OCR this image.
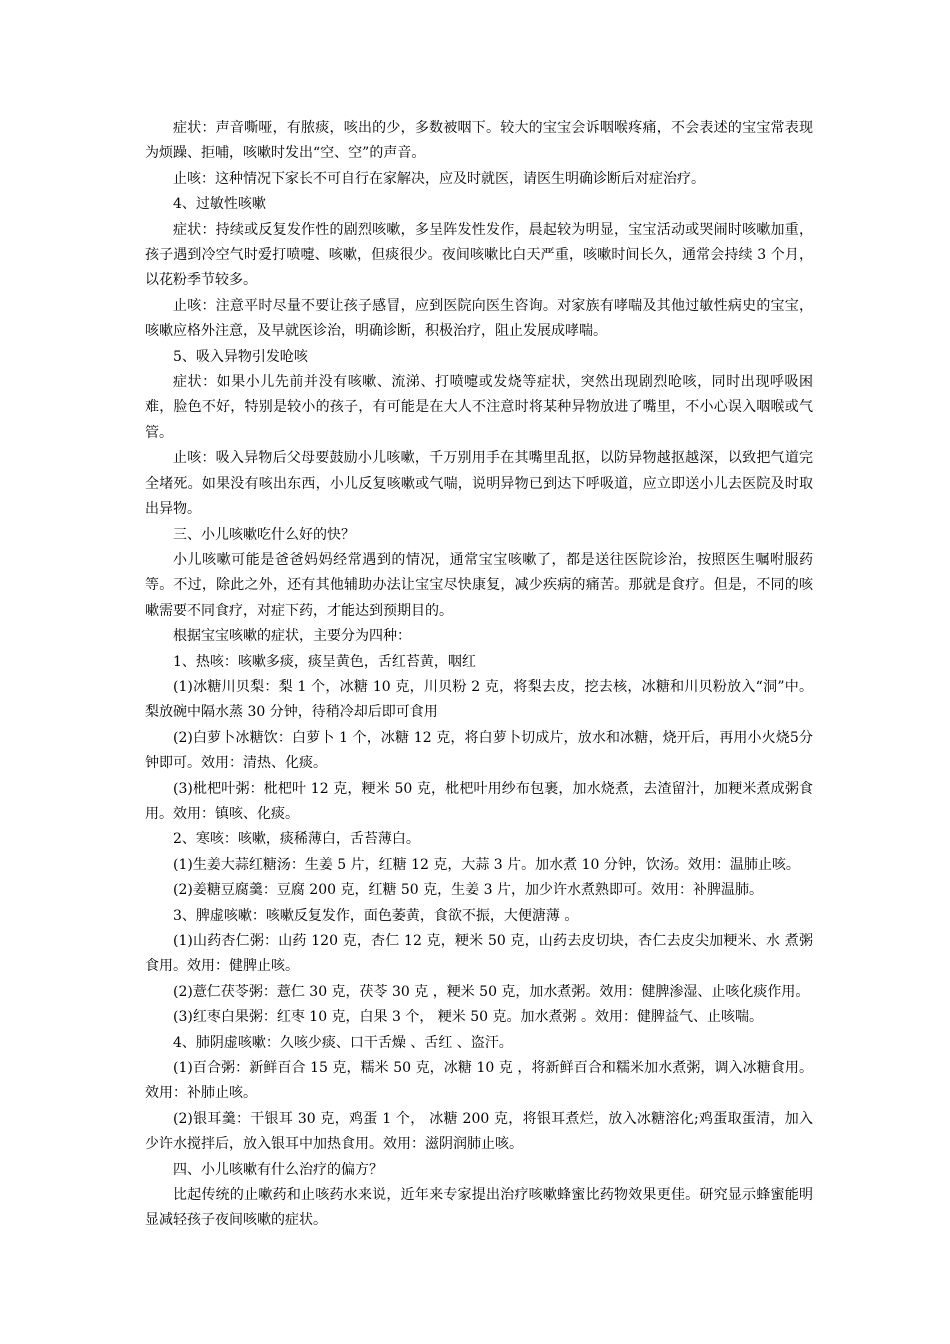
症状：声音嘶哑，有脓痰，咳出的少，多数被咽下。较大的宝宝会诉咽喉疼痛，不会表述的宝宝常表现为烦躁、拒哺，咳嗽时发出“空、空”的声音。

止咳：这种情况下家长不可自行在家解决，应及时就医，请医生明确诊断后对症治疗。

4、过敏性咳嗽

症状：持续或反复发作性的剧烈咳嗽，多呈阵发性发作，晨起较为明显，宝宝活动或哭闹时咳嗽加重，孩子遇到冷空气时爱打喷嚏、咳嗽，但痰很少。夜间咳嗽比白天严重，咳嗽时间长久，通常会持续 3 个月，以花粉季节较多。

止咳：注意平时尽量不要让孩子感冒，应到医院向医生咨询。对家族有哮喘及其他过敏性病史的宝宝，咳嗽应格外注意，及早就医诊治，明确诊断，积极治疗，阻止发展成哮喘。

5、吸入异物引发呛咳

症状：如果小儿先前并没有咳嗽、流涕、打喷嚏或发烧等症状，突然出现剧烈呛咳，同时出现呼吸困难，脸色不好，特别是较小的孩子，有可能是在大人不注意时将某种异物放进了嘴里，不小心误入咽喉或气管。

止咳：吸入异物后父母要鼓励小儿咳嗽，千万别用手在其嘴里乱抠，以防异物越抠越深，以致把气道完全堵死。如果没有咳出东西，小儿反复咳嗽或气喘，说明异物已到达下呼吸道，应立即送小儿去医院及时取出异物。

三、小儿咳嗽吃什么好的快？

小儿咳嗽可能是爸爸妈妈经常遇到的情况，通常宝宝咳嗽了，都是送往医院诊治，按照医生嘱咐服药等。不过，除此之外，还有其他辅助办法让宝宝尽快康复，减少疾病的痛苦。那就是食疗。但是，不同的咳嗽需要不同食疗，对症下药，才能达到预期目的。

根据宝宝咳嗽的症状，主要分为四种：

1、热咳：咳嗽多痰，痰呈黄色，舌红苔黄，咽红

(1)冰糖川贝梨：梨 1 个，冰糖 10 克，川贝粉 2 克，将梨去皮，挖去核，冰糖和川贝粉放入“洞”中。梨放碗中隔水蒸 30 分钟，待稍冷却后即可食用

(2)白萝卜冰糖饮：白萝卜 1 个，冰糖 12 克，将白萝卜切成片，放水和冰糖，烧开后，再用小火烧5分钟即可。效用：清热、化痰。

(3)枇杷叶粥：枇杷叶 12 克，粳米 50 克，枇杷叶用纱布包裹，加水烧煮，去渣留汁，加粳米煮成粥食用。效用：镇咳、化痰。

2、寒咳：咳嗽，痰稀薄白，舌苔薄白。

(1)生姜大蒜红糖汤：生姜 5 片，红糖 12 克，大蒜 3 片。加水煮 10 分钟，饮汤。效用：温肺止咳。

(2)姜糖豆腐羹：豆腐 200 克，红糖 50 克，生姜 3 片，加少许水煮熟即可。效用：补脾温肺。

3、脾虚咳嗽：咳嗽反复发作，面色萎黄，食欲不振，大便溏薄 。

(1)山药杏仁粥：山药 120 克，杏仁 12 克，粳米 50 克，山药去皮切块，杏仁去皮尖加粳米、水 煮粥食用。效用：健脾止咳。

(2)薏仁茯苓粥：薏仁 30 克，茯苓 30 克 ，粳米 50 克，加水煮粥。效用：健脾渗湿、止咳化痰作用。

(3)红枣白果粥：红枣 10 克，白果 3 个， 粳米 50 克。加水煮粥 。效用：健脾益气、止咳喘。

4、肺阴虚咳嗽：久咳少痰、口干舌燥 、舌红 、盗汗。

(1)百合粥：新鲜百合 15 克，糯米 50 克，冰糖 10 克 ，将新鲜百合和糯米加水煮粥，调入冰糖食用。效用：补肺止咳。

(2)银耳羹：干银耳 30 克，鸡蛋 1 个， 冰糖 200 克，将银耳煮烂，放入冰糖溶化;鸡蛋取蛋清，加入少许水搅拌后，放入银耳中加热食用。效用：滋阴润肺止咳。

四、小儿咳嗽有什么治疗的偏方？

比起传统的止嗽药和止咳药水来说，近年来专家提出治疗咳嗽蜂蜜比药物效果更佳。研究显示蜂蜜能明显减轻孩子夜间咳嗽的症状。
